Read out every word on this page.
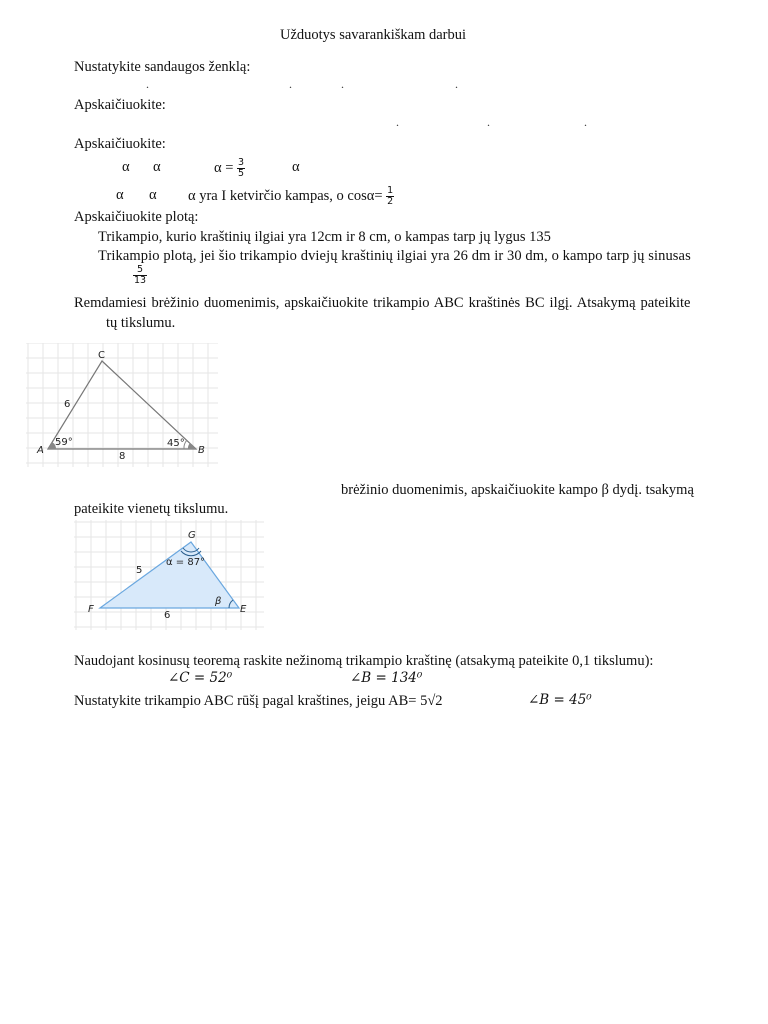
Užduotys savarankiškam darbui
Nustatykite sandaugos ženklą:
.	.	.	.
Apskaičiuokite:
.	.	.
Apskaičiuokite:
α α	$\alpha = \frac{3}{5}$	α
α α α yra I ketvirčio kampas, o $\cos\alpha= \frac{1}{2}$
Apskaičiuokite plotą:
Trikampio, kurio kraštinių ilgiai yra 12cm ir 8 cm, o kampas tarp jų lygus 135
Trikampio plotą, jei šio trikampio dviejų kraštinių ilgiai yra 26 dm ir 30 dm, o kampo tarp jų sinusas
$\frac{5}{13}$
Remdamiesi brėžinio duomenimis, apskaičiuokite trikampio ABC kraštinės BC ilgį. Atsakymą pateikite
tų tikslumu.
C
A	B
6
8
59°	45°
brėžinio duomenimis, apskaičiuokite kampo β dydį. tsakymą
pateikite vienetų tikslumu.
G
F	E
5
6
α = 87°
β
Naudojant kosinusų teoremą raskite nežinomą trikampio kraštinę (atsakymą pateikite 0,1 tikslumu):
∠C = 52⁰	∠B = 134⁰
Nustatykite trikampio ABC rūšį pagal kraštines, jeigu AB= 5√2	∠B = 45⁰
